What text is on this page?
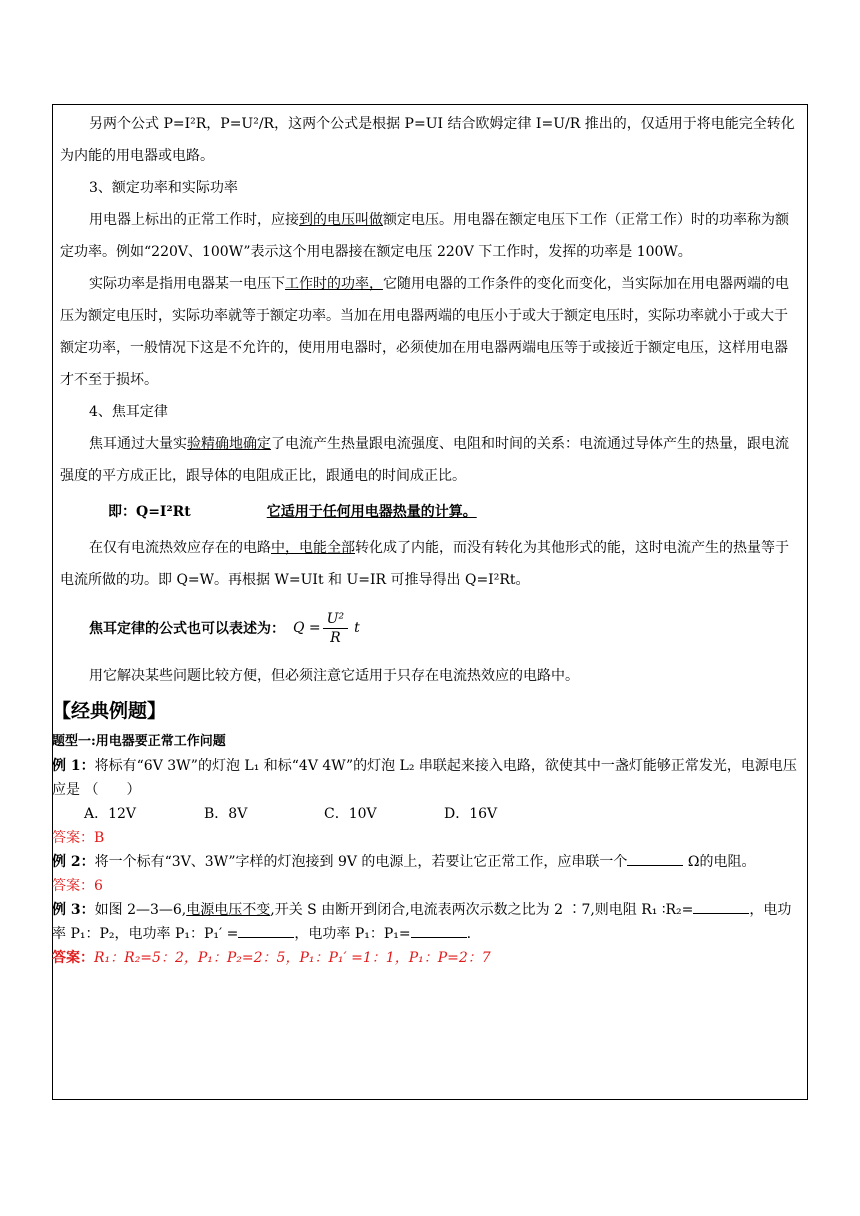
另两个公式 P=I²R，P=U²/R，这两个公式是根据 P=UI 结合欧姆定律 I=U/R 推出的，仅适用于将电能完全转化为内能的用电器或电路。

3、额定功率和实际功率

用电器上标出的正常工作时，应接到的电压叫做额定电压。用电器在额定电压下工作（正常工作）时的功率称为额定功率。例如“220V、100W”表示这个用电器接在额定电压 220V 下工作时，发挥的功率是 100W。

实际功率是指用电器某一电压下工作时的功率，它随用电器的工作条件的变化而变化，当实际加在用电器两端的电压为额定电压时，实际功率就等于额定功率。当加在用电器两端的电压小于或大于额定电压时，实际功率就小于或大于额定功率，一般情况下这是不允许的，使用用电器时，必须使加在用电器两端电压等于或接近于额定电压，这样用电器才不至于损坏。

4、焦耳定律

焦耳通过大量实验精确地确定了电流产生热量跟电流强度、电阻和时间的关系：电流通过导体产生的热量，跟电流强度的平方成正比，跟导体的电阻成正比，跟通电的时间成正比。

即：Q=I²Rt	它适用于任何用电器热量的计算。

在仅有电流热效应存在的电路中，电能全部转化成了内能，而没有转化为其他形式的能，这时电流产生的热量等于电流所做的功。即 Q=W。再根据 W=UIt 和 U=IR 可推导得出 Q=I²Rt。

焦耳定律的公式也可以表述为： $Q = \frac{\text{U²}}{R}$ t

用它解决某些问题比较方便，但必须注意它适用于只存在电流热效应的电路中。

【经典例题】
题型一:用电器要正常工作问题
例 1：将标有“6V 3W”的灯泡 L₁ 和标“4V 4W”的灯泡 L₂ 串联起来接入电路，欲使其中一盏灯能够正常发光，电源电压应是 （　　）
A．12V	B．8V	C．10V	D．16V
答案：B
例 2：将一个标有“3V、3W”字样的灯泡接到 9V 的电源上，若要让它正常工作，应串联一个	Ω的电阻。
答案：6
例 3：如图 2—3—6,电源电压不变,开关 S 由断开到闭合,电流表两次示数之比为 2 ∶7,则电阻 R₁ ∶R₂=	，电功率 P₁：P₂，电功率 P₁：P₁′ =	，电功率 P₁：P₁=	.
答案：R₁：R₂=5：2，P₁：P₂=2：5，P₁：P₁′ =1：1，P₁：P=2：7
